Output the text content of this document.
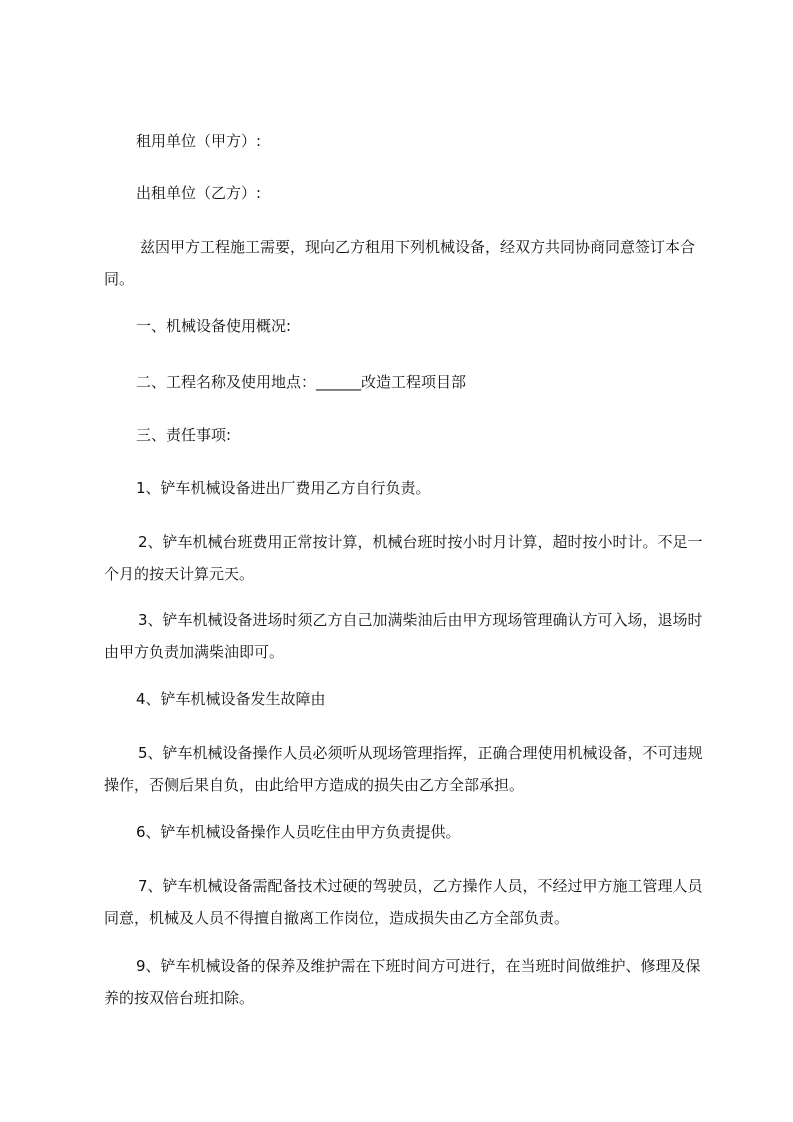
租用单位（甲方）:

出租单位（乙方）:

兹因甲方工程施工需要，现向乙方租用下列机械设备，经双方共同协商同意签订本合同。

一、机械设备使用概况:

二、工程名称及使用地点：______改造工程项目部

三、责任事项:

1、铲车机械设备进出厂费用乙方自行负责。

2、铲车机械台班费用正常按计算，机械台班时按小时月计算，超时按小时计。不足一个月的按天计算元天。

3、铲车机械设备进场时须乙方自己加满柴油后由甲方现场管理确认方可入场，退场时由甲方负责加满柴油即可。

4、铲车机械设备发生故障由

5、铲车机械设备操作人员必须听从现场管理指挥，正确合理使用机械设备，不可违规操作，否侧后果自负，由此给甲方造成的损失由乙方全部承担。

6、铲车机械设备操作人员吃住由甲方负责提供。

7、铲车机械设备需配备技术过硬的驾驶员，乙方操作人员，不经过甲方施工管理人员同意，机械及人员不得擅自撤离工作岗位，造成损失由乙方全部负责。

9、铲车机械设备的保养及维护需在下班时间方可进行，在当班时间做维护、修理及保养的按双倍台班扣除。
